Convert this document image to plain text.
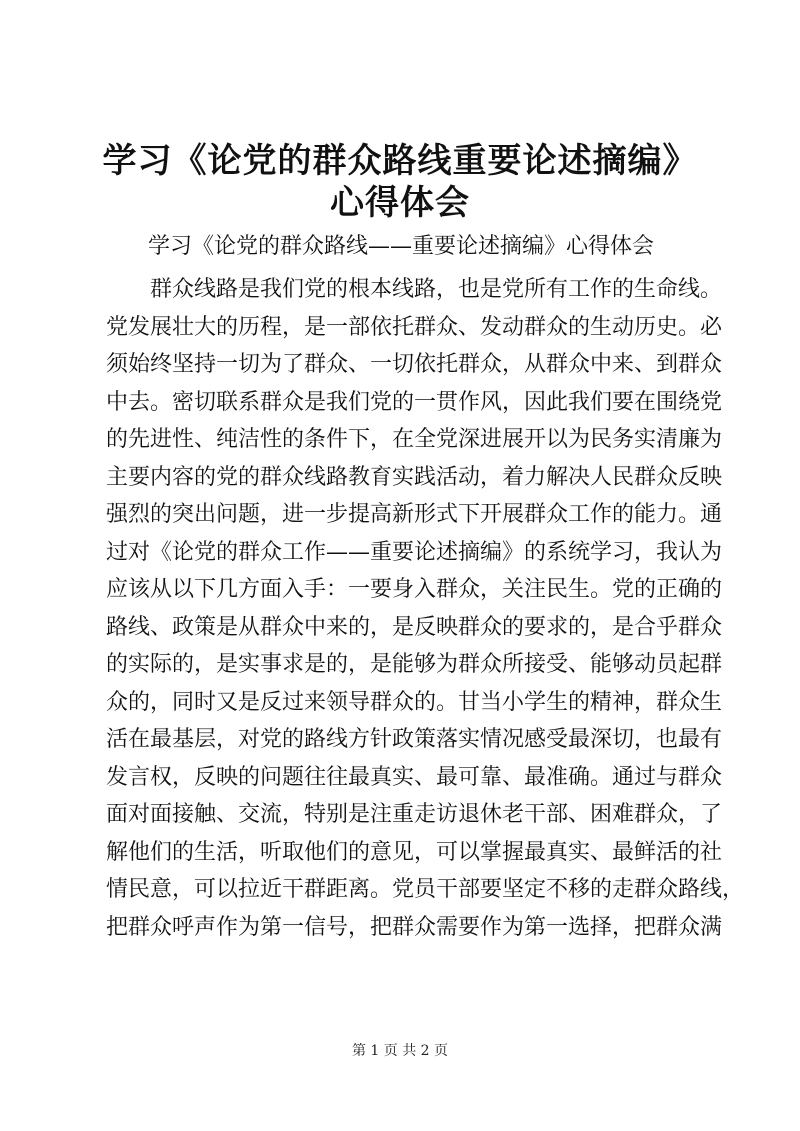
学习《论党的群众路线重要论述摘编》心得体会
学习《论党的群众路线——重要论述摘编》心得体会
群众线路是我们党的根本线路，也是党所有工作的生命线。
党发展壮大的历程，是一部依托群众、发动群众的生动历史。必
须始终坚持一切为了群众、一切依托群众，从群众中来、到群众
中去。密切联系群众是我们党的一贯作风，因此我们要在围绕党
的先进性、纯洁性的条件下，在全党深进展开以为民务实清廉为
主要内容的党的群众线路教育实践活动，着力解决人民群众反映
强烈的突出问题，进一步提高新形式下开展群众工作的能力。通
过对《论党的群众工作——重要论述摘编》的系统学习，我认为
应该从以下几方面入手：一要身入群众，关注民生。党的正确的
路线、政策是从群众中来的，是反映群众的要求的，是合乎群众
的实际的，是实事求是的，是能够为群众所接受、能够动员起群
众的，同时又是反过来领导群众的。甘当小学生的精神，群众生
活在最基层，对党的路线方针政策落实情况感受最深切，也最有
发言权，反映的问题往往最真实、最可靠、最准确。通过与群众
面对面接触、交流，特别是注重走访退休老干部、困难群众，了
解他们的生活，听取他们的意见，可以掌握最真实、最鲜活的社
情民意，可以拉近干群距离。党员干部要坚定不移的走群众路线，
把群众呼声作为第一信号，把群众需要作为第一选择，把群众满
第 1 页 共 2 页
